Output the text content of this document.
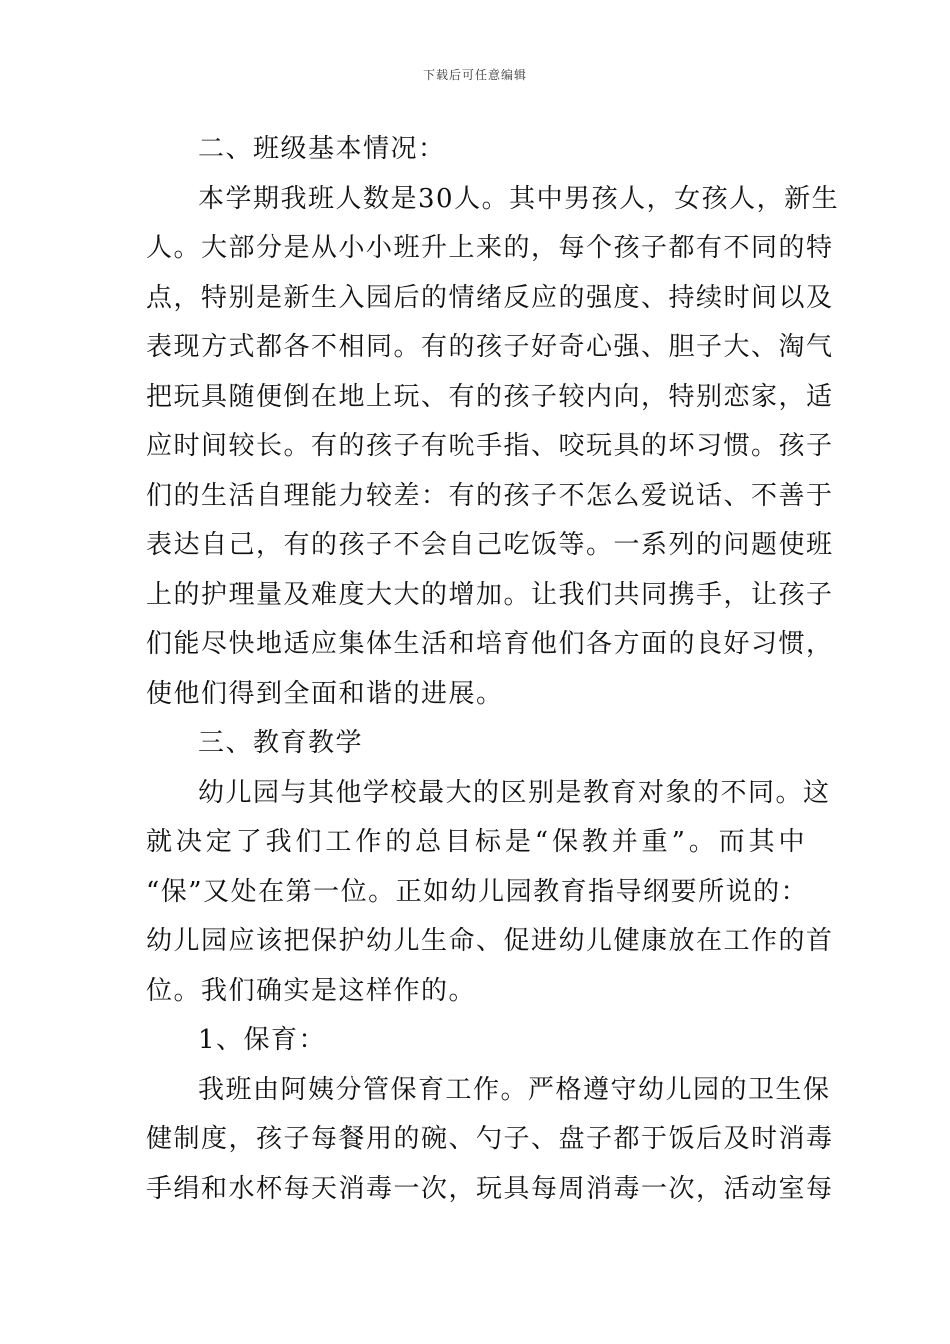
下载后可任意编辑
二、班级基本情况：
本学期我班人数是30人。其中男孩人，女孩人，新生
人。大部分是从小小班升上来的，每个孩子都有不同的特
点，特别是新生入园后的情绪反应的强度、持续时间以及
表现方式都各不相同。有的孩子好奇心强、胆子大、淘气
把玩具随便倒在地上玩、有的孩子较内向，特别恋家，适
应时间较长。有的孩子有吮手指、咬玩具的坏习惯。孩子
们的生活自理能力较差：有的孩子不怎么爱说话、不善于
表达自己，有的孩子不会自己吃饭等。一系列的问题使班
上的护理量及难度大大的增加。让我们共同携手，让孩子
们能尽快地适应集体生活和培育他们各方面的良好习惯，
使他们得到全面和谐的进展。
三、教育教学
幼儿园与其他学校最大的区别是教育对象的不同。这
就决定了我们工作的总目标是“保教并重”。而其中
“保”又处在第一位。正如幼儿园教育指导纲要所说的：
幼儿园应该把保护幼儿生命、促进幼儿健康放在工作的首
位。我们确实是这样作的。
1、保育：
我班由阿姨分管保育工作。严格遵守幼儿园的卫生保
健制度，孩子每餐用的碗、勺子、盘子都于饭后及时消毒
手绢和水杯每天消毒一次，玩具每周消毒一次，活动室每
